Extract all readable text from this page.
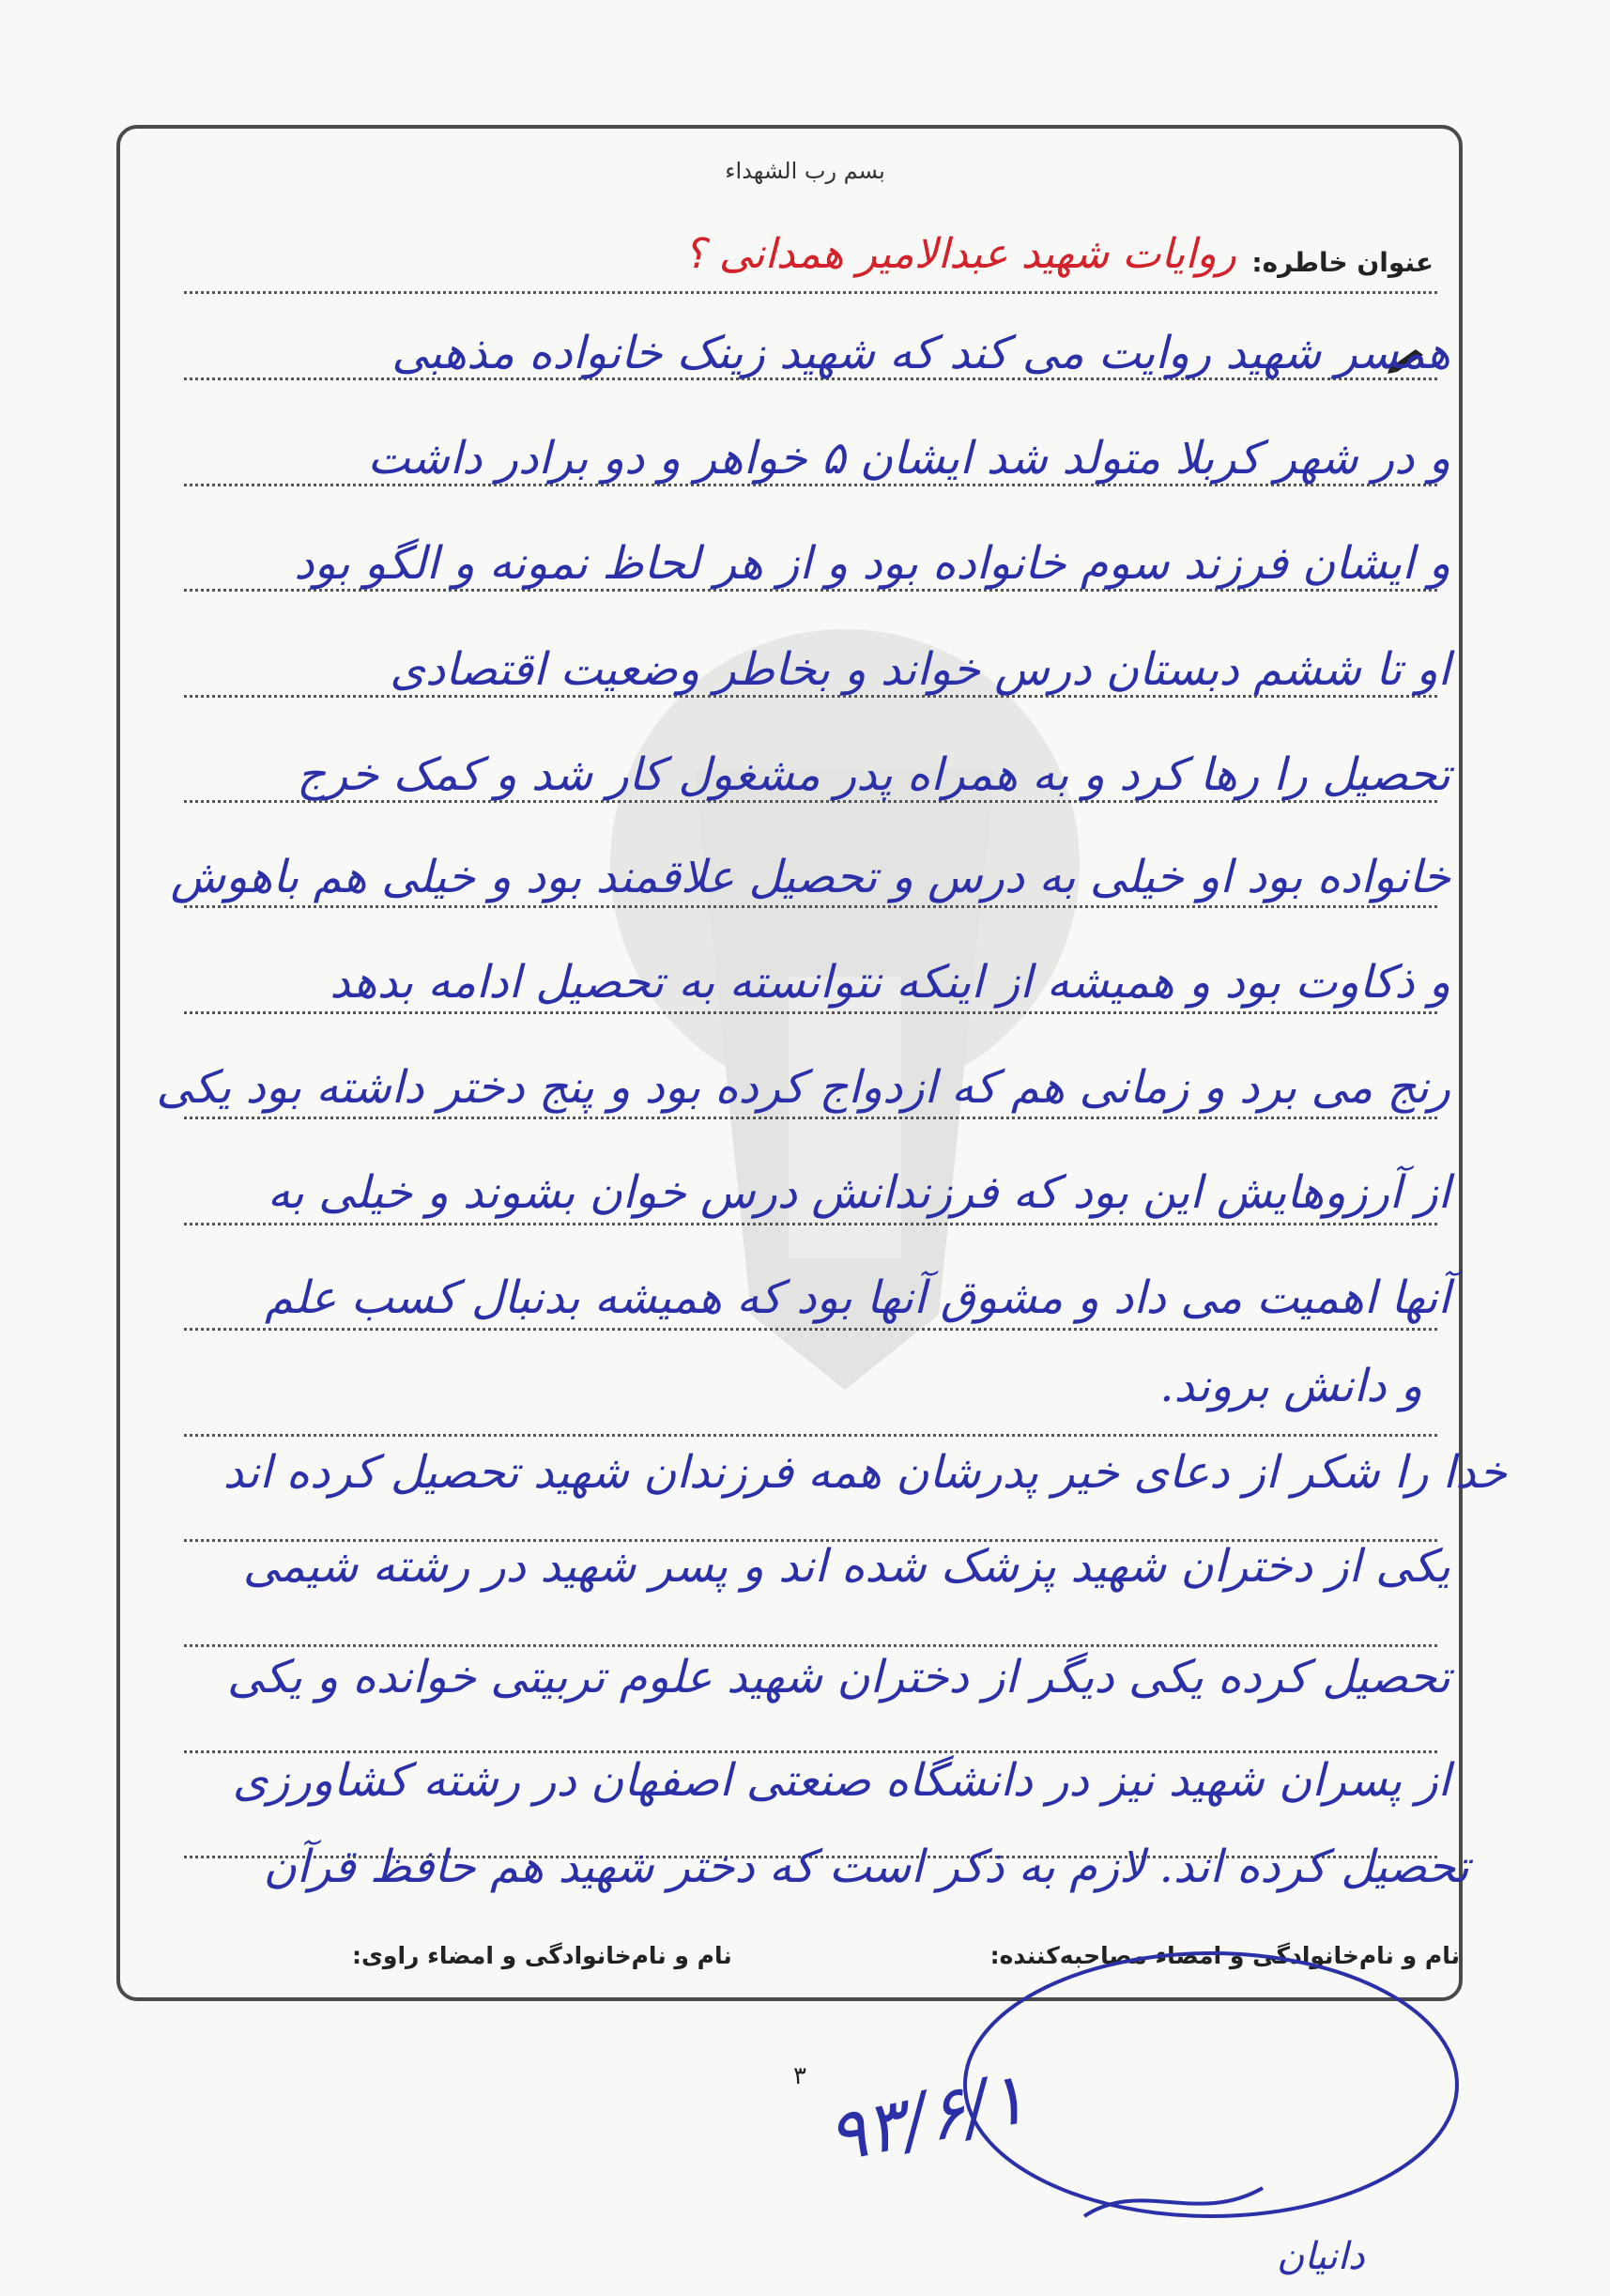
بسم رب الشهداء
عنوان خاطره:
روایات شهید عبدالامیر همدانی ؟
همسر شهید روایت می کند که شهید زینک خانواده مذهبی
و در شهر کربلا متولد شد ایشان ۵ خواهر و دو برادر داشت
و ایشان فرزند سوم خانواده بود و از هر لحاظ نمونه و الگو بود
او تا ششم دبستان درس خواند و بخاطر وضعیت اقتصادی
تحصیل را رها کرد و به همراه پدر مشغول کار شد و کمک خرج
خانواده بود او خیلی به درس و تحصیل علاقمند بود و خیلی هم باهوش
و ذکاوت بود و همیشه از اینکه نتوانسته به تحصیل ادامه بدهد
رنج می برد و زمانی هم که ازدواج کرده بود و پنج دختر داشته بود یکی
از آرزوهایش این بود که فرزندانش درس خوان بشوند و خیلی به
آنها اهمیت می داد و مشوق آنها بود که همیشه بدنبال کسب علم
و دانش بروند.
خدا را شکر از دعای خیر پدرشان همه فرزندان شهید تحصیل کرده اند
یکی از دختران شهید پزشک شده اند و پسر شهید در رشته شیمی
تحصیل کرده یکی دیگر از دختران شهید علوم تربیتی خوانده و یکی
از پسران شهید نیز در دانشگاه صنعتی اصفهان در رشته کشاورزی
تحصیل کرده اند. لازم به ذکر است که دختر شهید هم حافظ قرآن
نام و نام‌خانوادگی و امضاء مصاحبه‌کننده:
نام و نام‌خانوادگی و امضاء راوی:
۳ ۹۳/۶/۱
دانیان
